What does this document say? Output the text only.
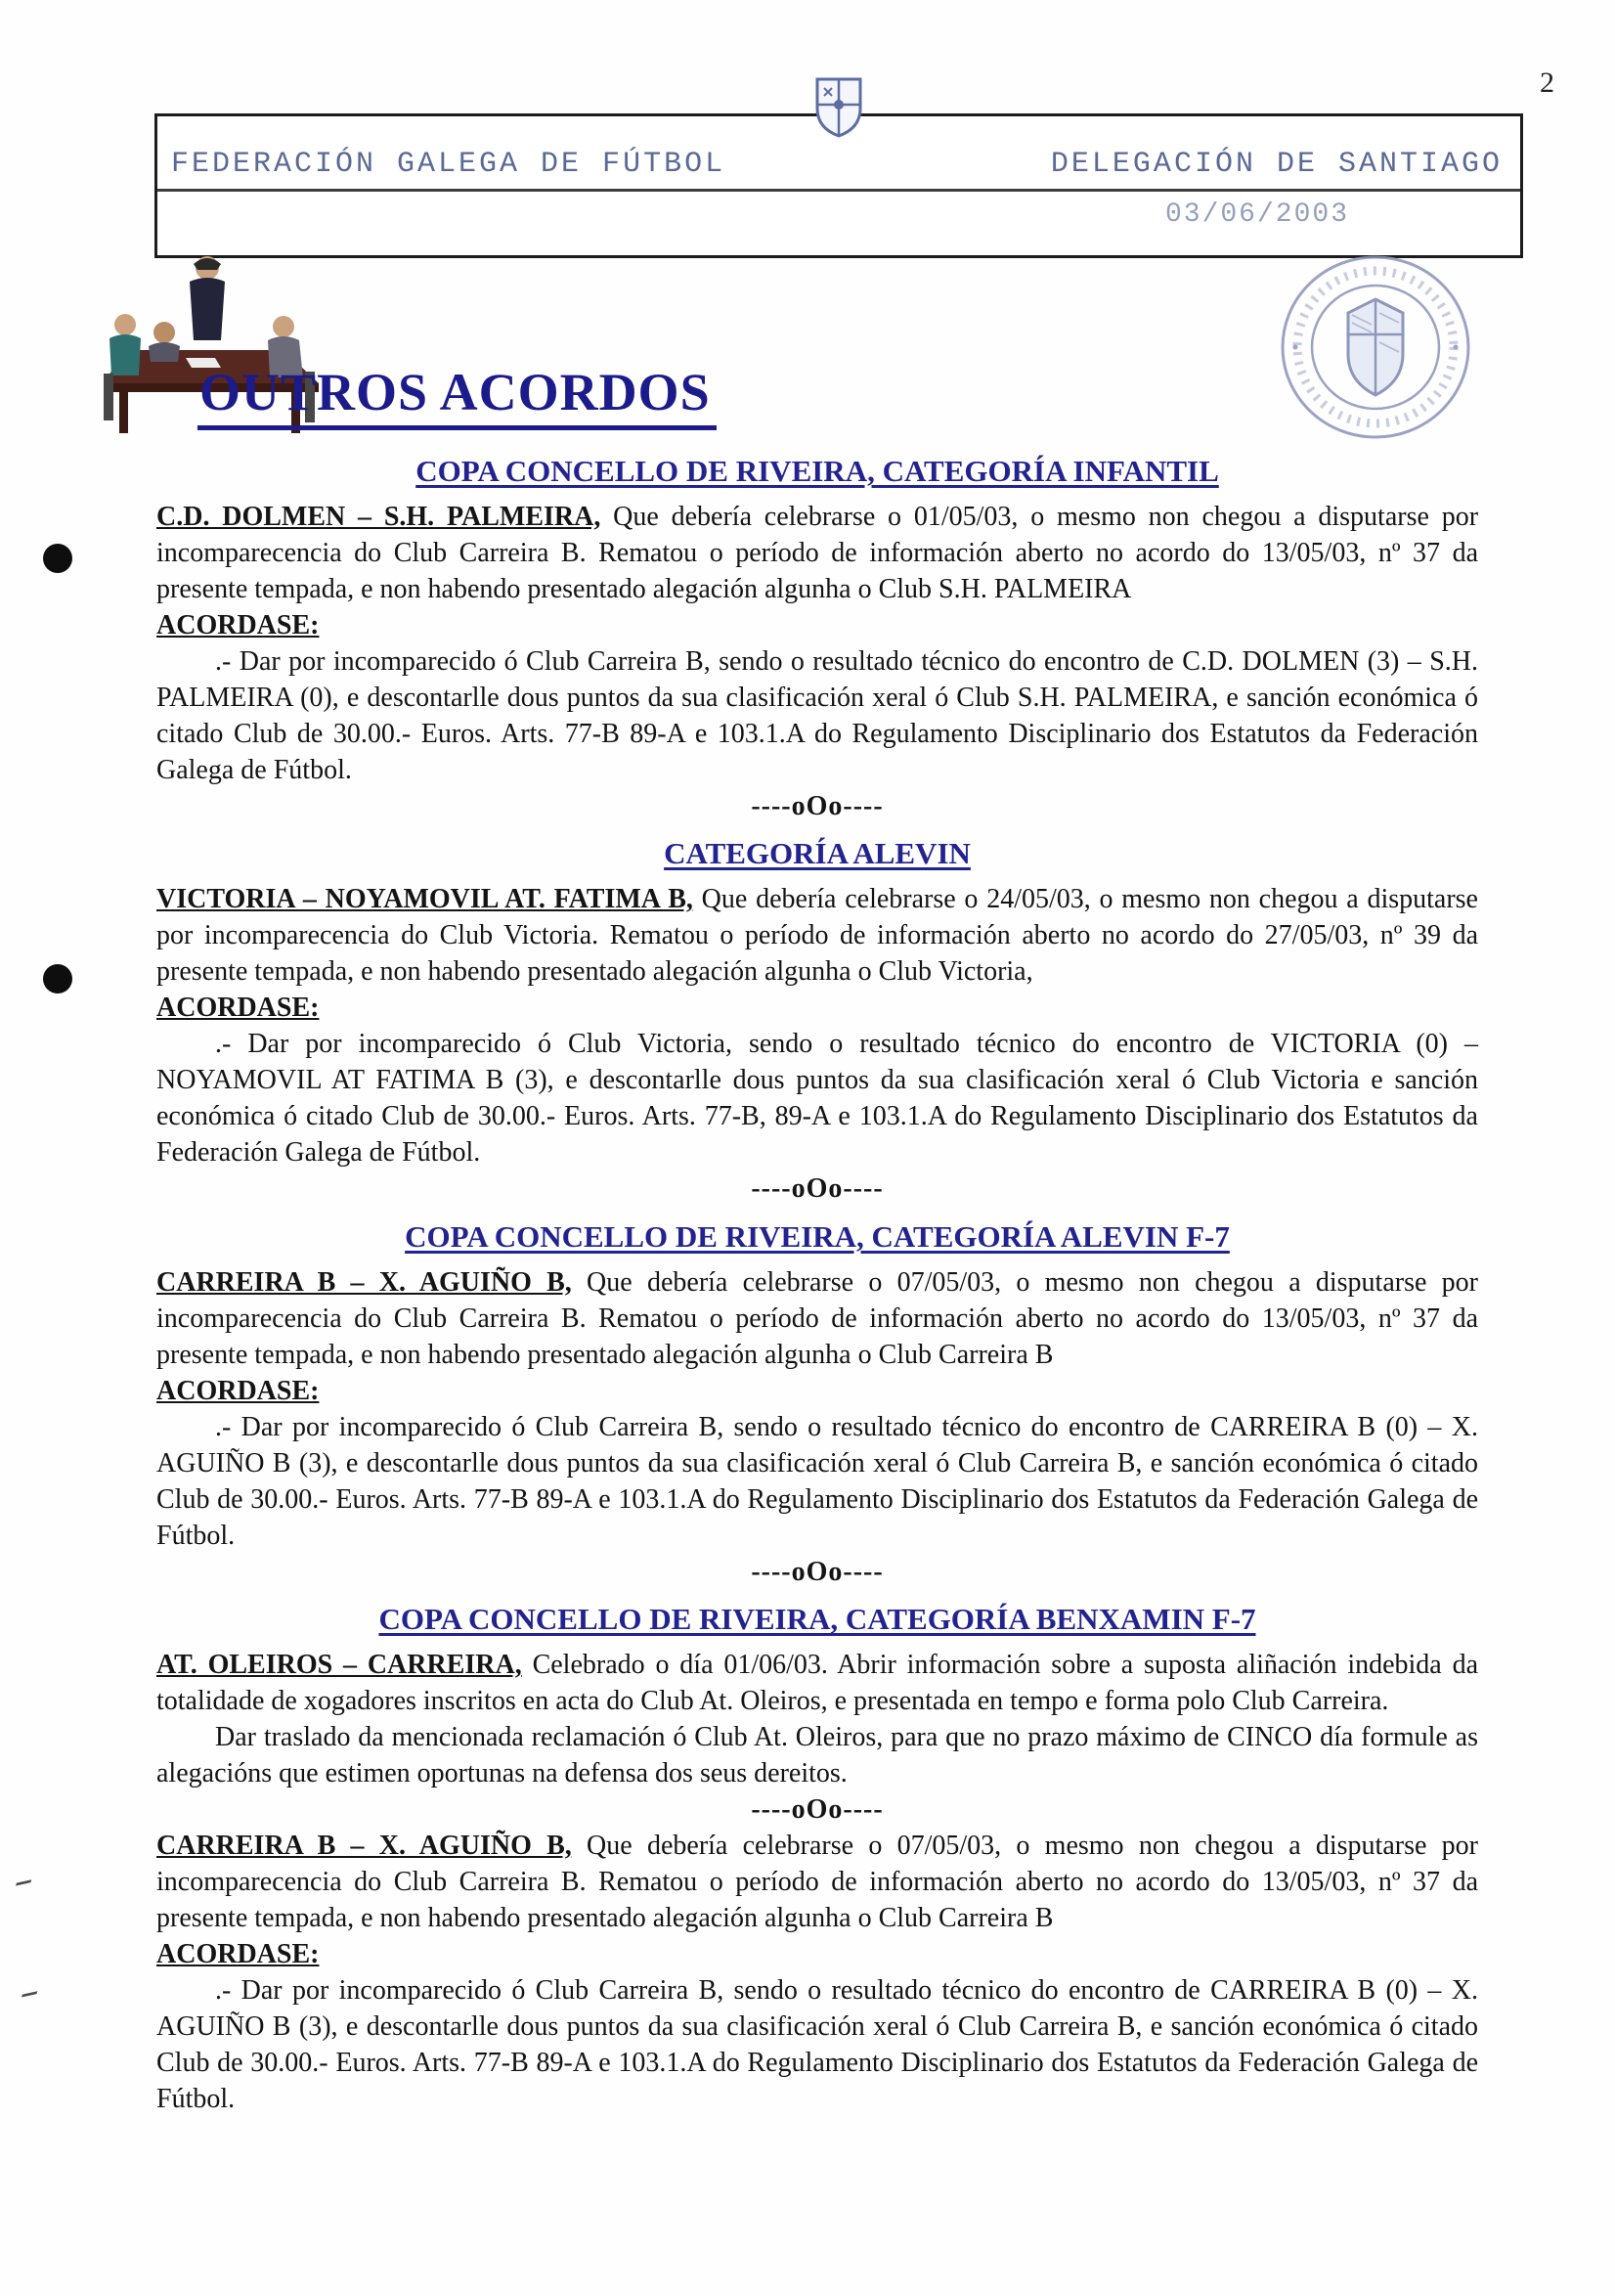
2
FEDERACIÓN GALEGA DE FÚTBOL	DELEGACIÓN DE SANTIAGO
03/06/2003
OUTROS ACORDOS
COPA CONCELLO DE RIVEIRA, CATEGORÍA INFANTIL

C.D. DOLMEN – S.H. PALMEIRA, Que debería celebrarse o 01/05/03, o mesmo non chegou a disputarse por incomparecencia do Club Carreira B. Rematou o período de información aberto no acordo do 13/05/03, nº 37 da presente tempada, e non habendo presentado alegación algunha o Club S.H. PALMEIRA

ACORDASE:

.- Dar por incomparecido ó Club Carreira B, sendo o resultado técnico do encontro de C.D. DOLMEN (3) – S.H. PALMEIRA (0), e descontarlle dous puntos da sua clasificación xeral ó Club S.H. PALMEIRA, e sanción económica ó citado Club de 30.00.- Euros. Arts. 77-B 89-A e 103.1.A do Regulamento Disciplinario dos Estatutos da Federación Galega de Fútbol.

----oOo----

CATEGORÍA ALEVIN

VICTORIA – NOYAMOVIL AT. FATIMA B, Que debería celebrarse o 24/05/03, o mesmo non chegou a disputarse por incomparecencia do Club Victoria. Rematou o período de información aberto no acordo do 27/05/03, nº 39 da presente tempada, e non habendo presentado alegación algunha o Club Victoria,

ACORDASE:

.- Dar por incomparecido ó Club Victoria, sendo o resultado técnico do encontro de VICTORIA (0) – NOYAMOVIL AT FATIMA B (3), e descontarlle dous puntos da sua clasificación xeral ó Club Victoria e sanción económica ó citado Club de 30.00.- Euros. Arts. 77-B, 89-A e 103.1.A do Regulamento Disciplinario dos Estatutos da Federación Galega de Fútbol.

----oOo----

COPA CONCELLO DE RIVEIRA, CATEGORÍA ALEVIN F-7

CARREIRA B – X. AGUIÑO B, Que debería celebrarse o 07/05/03, o mesmo non chegou a disputarse por incomparecencia do Club Carreira B. Rematou o período de información aberto no acordo do 13/05/03, nº 37 da presente tempada, e non habendo presentado alegación algunha o Club Carreira B

ACORDASE:

.- Dar por incomparecido ó Club Carreira B, sendo o resultado técnico do encontro de CARREIRA B (0) – X. AGUIÑO B (3), e descontarlle dous puntos da sua clasificación xeral ó Club Carreira B, e sanción económica ó citado Club de 30.00.- Euros. Arts. 77-B 89-A e 103.1.A do Regulamento Disciplinario dos Estatutos da Federación Galega de Fútbol.

----oOo----

COPA CONCELLO DE RIVEIRA, CATEGORÍA BENXAMIN F-7

AT. OLEIROS – CARREIRA, Celebrado o día 01/06/03. Abrir información sobre a suposta aliñación indebida da totalidade de xogadores inscritos en acta do Club At. Oleiros, e presentada en tempo e forma polo Club Carreira.

Dar traslado da mencionada reclamación ó Club At. Oleiros, para que no prazo máximo de CINCO día formule as alegacións que estimen oportunas na defensa dos seus dereitos.

----oOo----

CARREIRA B – X. AGUIÑO B, Que debería celebrarse o 07/05/03, o mesmo non chegou a disputarse por incomparecencia do Club Carreira B. Rematou o período de información aberto no acordo do 13/05/03, nº 37 da presente tempada, e non habendo presentado alegación algunha o Club Carreira B

ACORDASE:

.- Dar por incomparecido ó Club Carreira B, sendo o resultado técnico do encontro de CARREIRA B (0) – X. AGUIÑO B (3), e descontarlle dous puntos da sua clasificación xeral ó Club Carreira B, e sanción económica ó citado Club de 30.00.- Euros. Arts. 77-B 89-A e 103.1.A do Regulamento Disciplinario dos Estatutos da Federación Galega de Fútbol.
